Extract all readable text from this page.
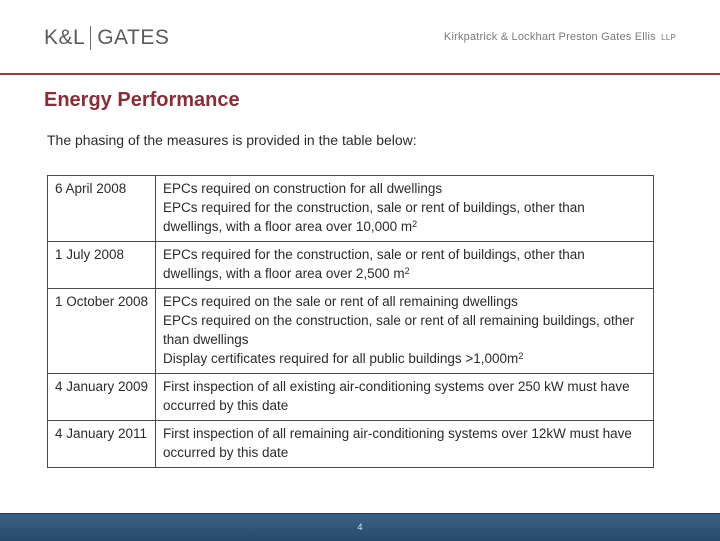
K&L GATES	Kirkpatrick & Lockhart Preston Gates Ellis LLP
Energy Performance
The phasing of the measures is provided in the table below:
6 April 2008	EPCs required on construction for all dwellings
EPCs required for the construction, sale or rent of buildings, other than dwellings, with a floor area over 10,000 $m^2$

1 July 2008	EPCs required for the construction, sale or rent of buildings, other than dwellings, with a floor area over 2,500 $m^2$

1 October 2008	EPCs required on the sale or rent of all remaining dwellings
EPCs required on the construction, sale or rent of all remaining buildings, other than dwellings
Display certificates required for all public buildings $>1,000m^2$

4 January 2009	First inspection of all existing air-conditioning systems over 250 kW must have occurred by this date

4 January 2011	First inspection of all remaining air-conditioning systems over 12kW must have occurred by this date
4
